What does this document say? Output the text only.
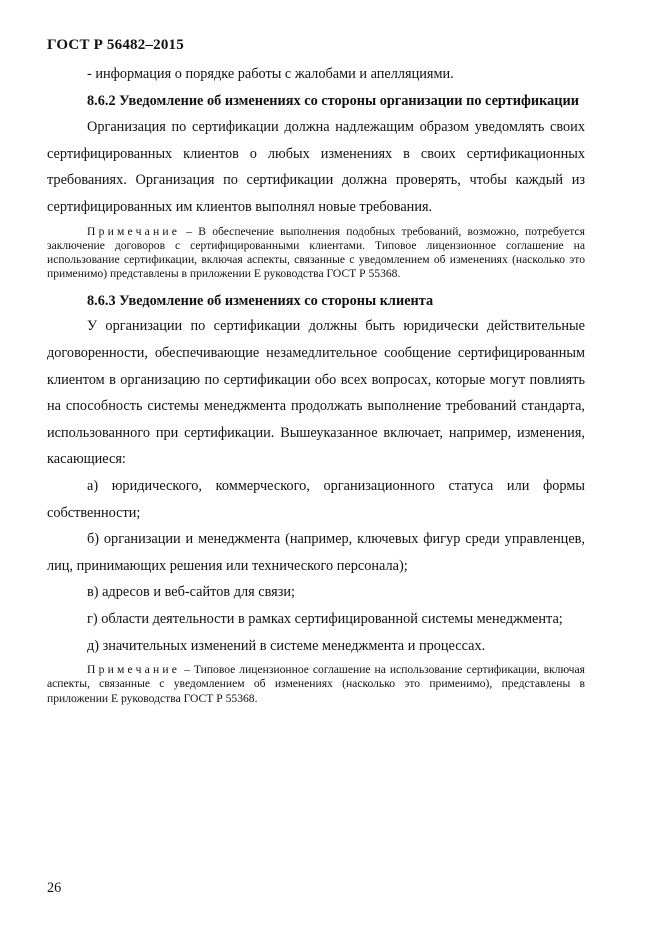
ГОСТ Р 56482–2015

- информация о порядке работы с жалобами и апелляциями.

8.6.2 Уведомление об изменениях со стороны организации по сертификации

Организация по сертификации должна надлежащим образом уведомлять своих сертифицированных клиентов о любых изменениях в своих сертификационных требованиях. Организация по сертификации должна проверять, чтобы каждый из сертифицированных им клиентов выполнял новые требования.

Примечание – В обеспечение выполнения подобных требований, возможно, потребуется заключение договоров с сертифицированными клиентами. Типовое лицензионное соглашение на использование сертификации, включая аспекты, связанные с уведомлением об изменениях (насколько это применимо) представлены в приложении Е руководства ГОСТ Р 55368.

8.6.3 Уведомление об изменениях со стороны клиента

У организации по сертификации должны быть юридически действительные договоренности, обеспечивающие незамедлительное сообщение сертифицированным клиентом в организацию по сертификации обо всех вопросах, которые могут повлиять на способность системы менеджмента продолжать выполнение требований стандарта, использованного при сертификации. Вышеуказанное включает, например, изменения, касающиеся:

а) юридического, коммерческого, организационного статуса или формы собственности;

б) организации и менеджмента (например, ключевых фигур среди управленцев, лиц, принимающих решения или технического персонала);

в) адресов и веб-сайтов для связи;

г) области деятельности в рамках сертифицированной системы менеджмента;

д) значительных изменений в системе менеджмента и процессах.

Примечание – Типовое лицензионное соглашение на использование сертификации, включая аспекты, связанные с уведомлением об изменениях (насколько это применимо), представлены в приложении Е руководства ГОСТ Р 55368.

26
